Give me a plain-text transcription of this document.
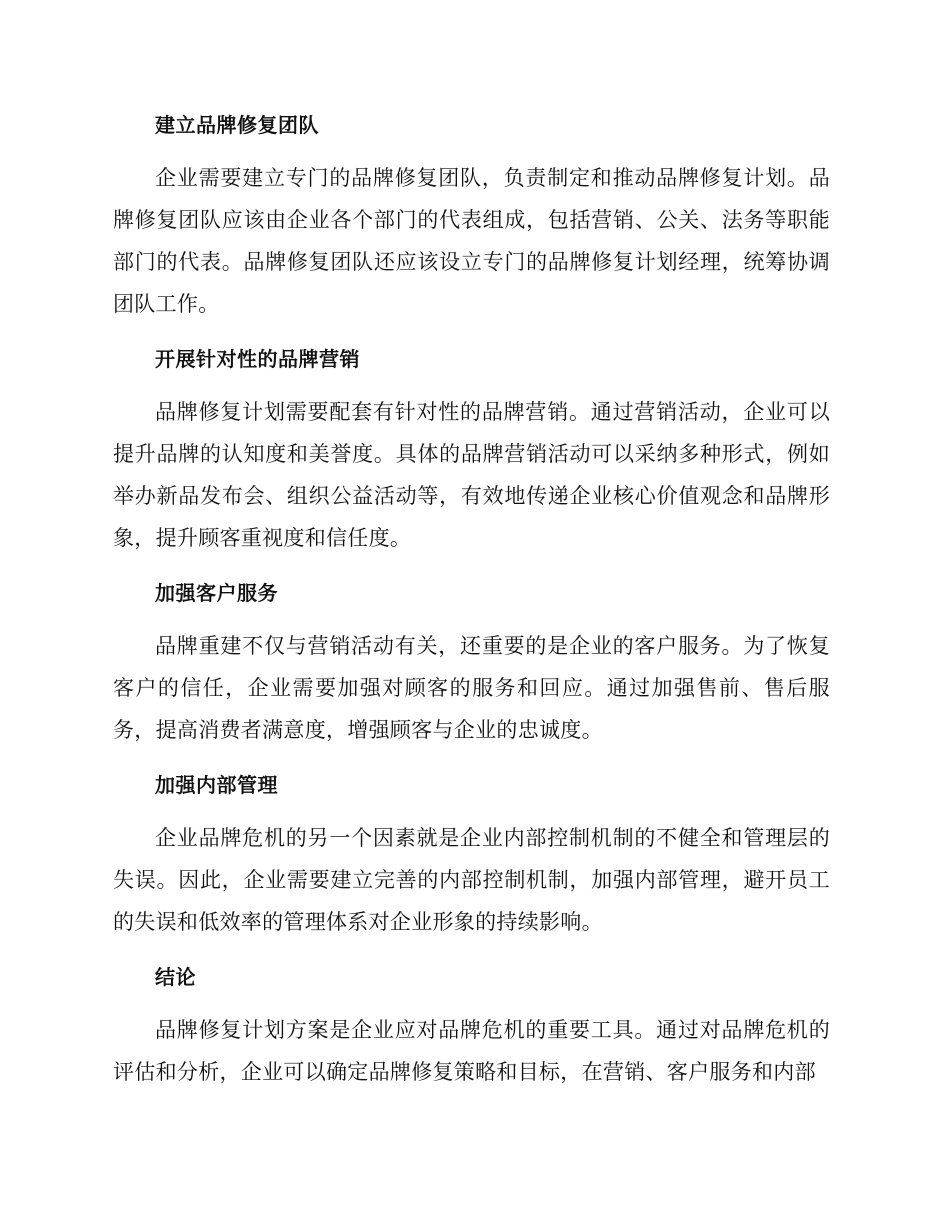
建立品牌修复团队

企业需要建立专门的品牌修复团队，负责制定和推动品牌修复计划。品牌修复团队应该由企业各个部门的代表组成，包括营销、公关、法务等职能部门的代表。品牌修复团队还应该设立专门的品牌修复计划经理，统筹协调团队工作。

开展针对性的品牌营销

品牌修复计划需要配套有针对性的品牌营销。通过营销活动，企业可以提升品牌的认知度和美誉度。具体的品牌营销活动可以采纳多种形式，例如举办新品发布会、组织公益活动等，有效地传递企业核心价值观念和品牌形象，提升顾客重视度和信任度。

加强客户服务

品牌重建不仅与营销活动有关，还重要的是企业的客户服务。为了恢复客户的信任，企业需要加强对顾客的服务和回应。通过加强售前、售后服务，提高消费者满意度，增强顾客与企业的忠诚度。

加强内部管理

企业品牌危机的另一个因素就是企业内部控制机制的不健全和管理层的失误。因此，企业需要建立完善的内部控制机制，加强内部管理，避开员工的失误和低效率的管理体系对企业形象的持续影响。

结论

品牌修复计划方案是企业应对品牌危机的重要工具。通过对品牌危机的评估和分析，企业可以确定品牌修复策略和目标，在营销、客户服务和内部
